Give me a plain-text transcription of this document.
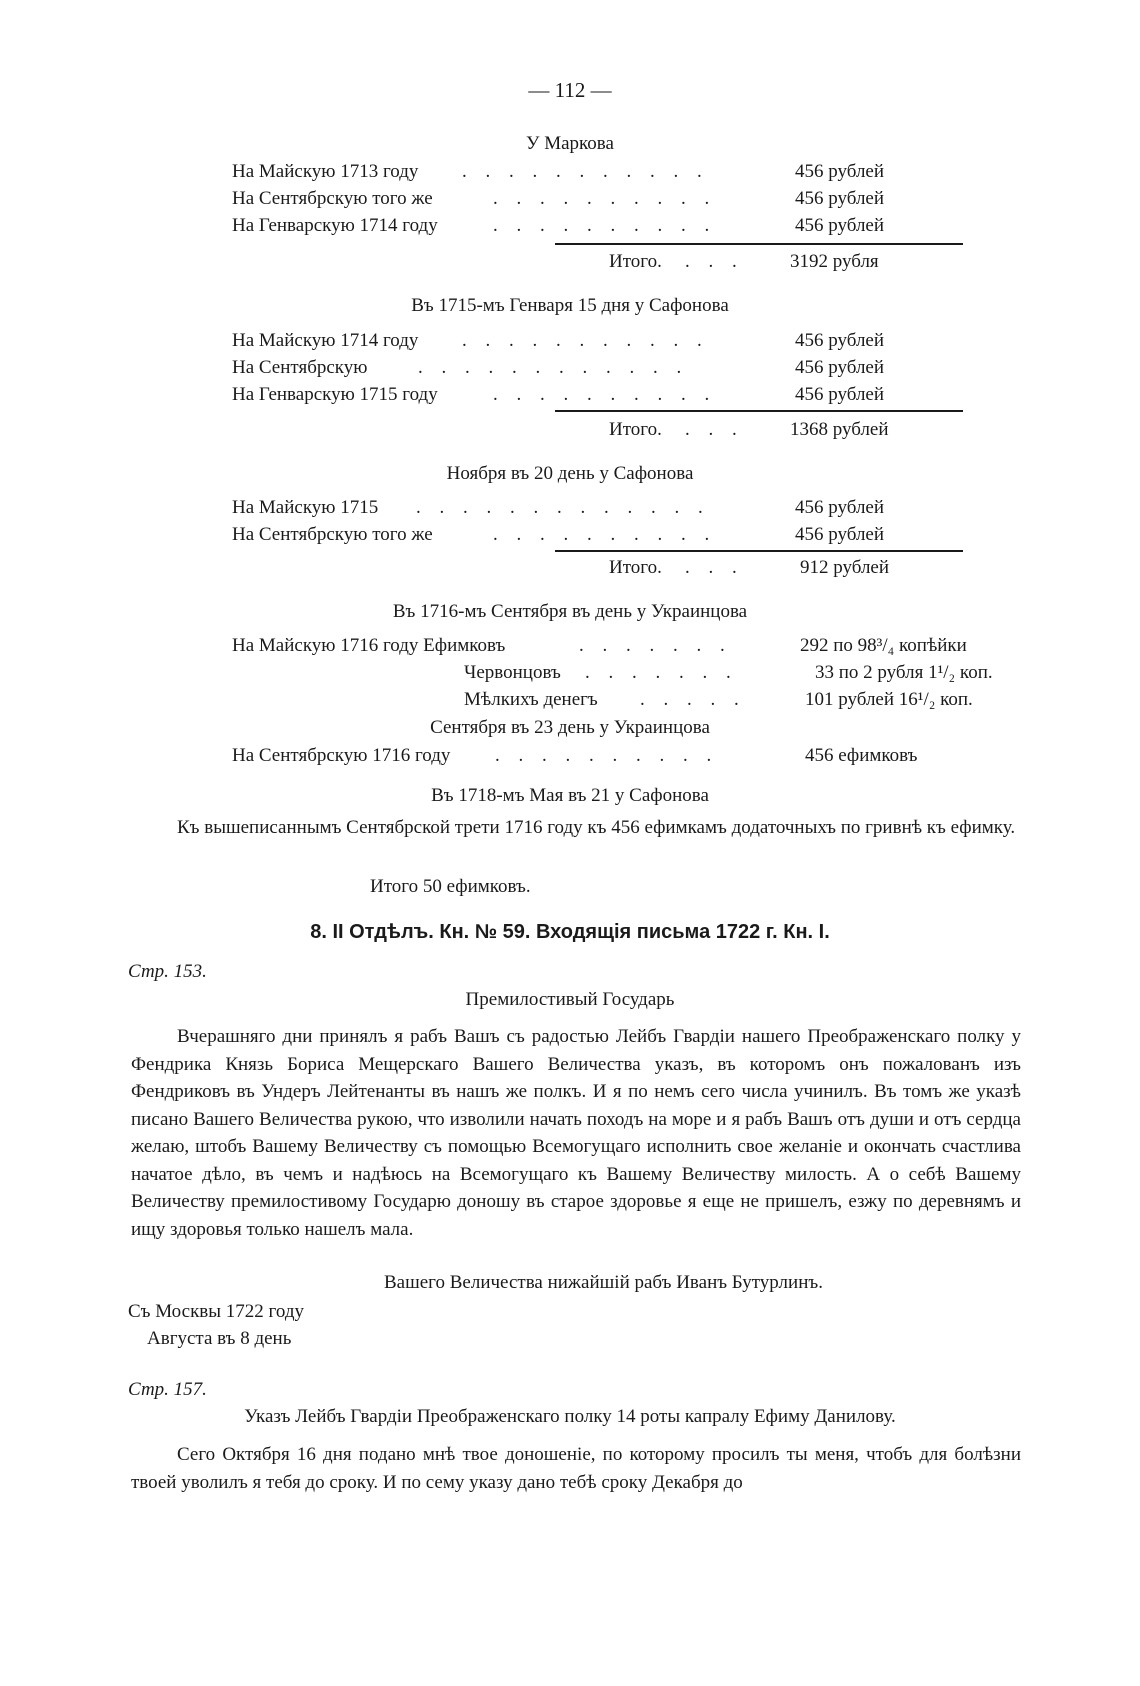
— 112 —
У Маркова
На Майскую 1713 году . . . . . . . . . . .	456 рублей
На Сентябрскую того же	. . . . . . . . . .	456 рублей
На Генварскую 1714 году	. . . . . . . . . .	456 рублей
Итого. . . . 3192 рубля
Въ 1715-мъ Генваря 15 дня у Сафонова
На Майскую 1714 году . . . . . . . . . . .	456 рублей
На Сентябрскую	. . . . . . . . . . . .	456 рублей
На Генварскую 1715 году	. . . . . . . . . .	456 рублей
Итого. . . . 1368 рублей
Ноября въ 20 день у Сафонова
На Майскую 1715 . . . . . . . . . . . . .	456 рублей
На Сентябрскую того же	. . . . . . . . . .	456 рублей
Итого. . . .	912 рублей
Въ 1716-мъ Сентября въ день у Украинцова
На Майскую 1716 году Ефимковъ	. . . . . . .	292 по 98³/₄ копѣйки
Червонцовъ . . . . . . .	33 по 2 рубля 1¹/₂ коп.
Мѣлкихъ денегъ . . . . .	101 рублей 16¹/₂ коп.
Сентября въ 23 день у Украинцова
На Сентябрскую 1716 году . . . . . . . . . .	456 ефимковъ
Въ 1718-мъ Мая въ 21 у Сафонова

Къ вышеписаннымъ Сентябрской трети 1716 году къ 456 ефимкамъ додаточныхъ по гривнѣ къ ефимку.

Итого 50 ефимковъ.
8. II Отдѣлъ. Кн. № 59. Входящія письма 1722 г. Кн. I.
Стр. 153.
Премилостивый Государь

Вчерашняго дни принялъ я рабъ Вашъ съ радостью Лейбъ Гвардіи нашего Преображенскаго полку у Фендрика Князь Бориса Мещерскаго Вашего Величества указъ, въ которомъ онъ пожалованъ изъ Фендриковъ въ Ундеръ Лейтенанты въ нашъ же полкъ. И я по немъ сего числа учинилъ. Въ томъ же указѣ писано Вашего Величества рукою, что изволили начать походъ на море и я рабъ Вашъ отъ души и отъ сердца желаю, штобъ Вашему Величеству съ помощью Всемогущаго исполнить свое желаніе и окончать счастлива начатое дѣло, въ чемъ и надѣюсь на Всемогущаго къ Вашему Величеству милость. А о себѣ Вашему Величеству премилостивому Государю доношу въ старое здоровье я еще не пришелъ, езжу по деревнямъ и ищу здоровья только нашелъ мала.

Вашего Величества нижайшій рабъ Иванъ Бутурлинъ.
Съ Москвы 1722 году
Августа въ 8 день
Стр. 157.
Указъ Лейбъ Гвардіи Преображенскаго полку 14 роты капралу Ефиму Данилову.

Сего Октября 16 дня подано мнѣ твое доношеніе, по которому просилъ ты меня, чтобъ для болѣзни твоей уволилъ я тебя до сроку. И по сему указу дано тебѣ сроку Декабря до
